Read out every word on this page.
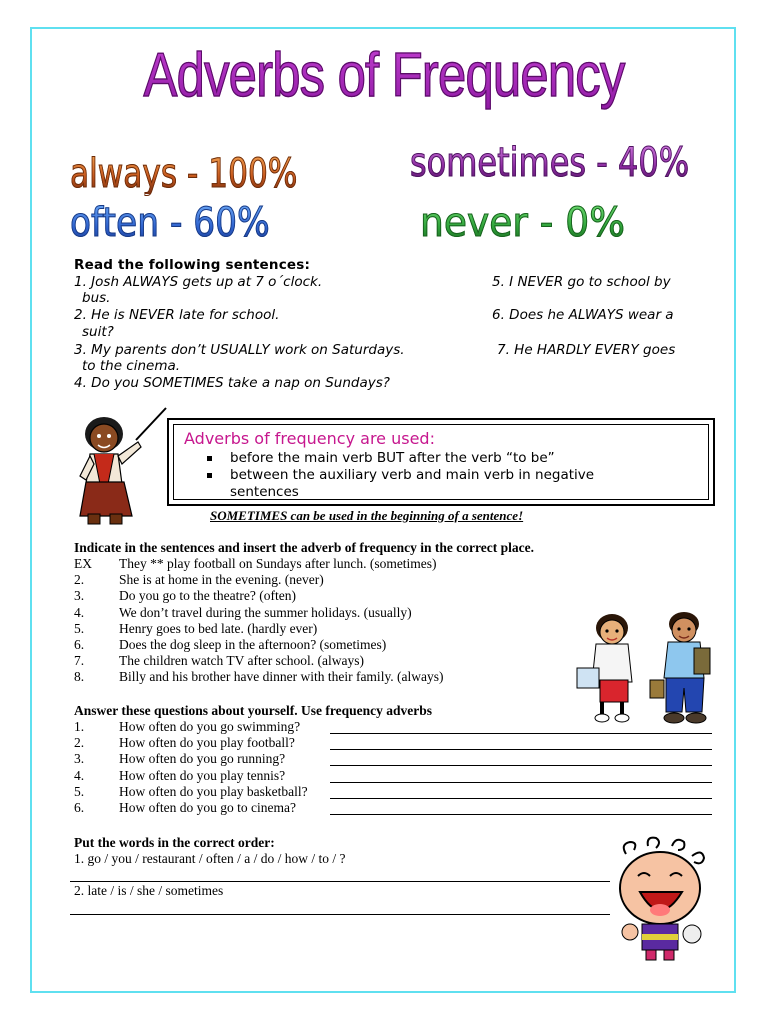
Adverbs of Frequency
always - 100%
often - 60%
sometimes - 40%
never - 0%
Read the following sentences:
1. Josh ALWAYS gets up at 7 o´clock.
bus.
2. He is NEVER late for school.
suit?
3. My parents don’t USUALLY work on Saturdays.
to the cinema.
4. Do you SOMETIMES take a nap on Sundays?
5. I NEVER go to school by
6. Does he ALWAYS wear a
7. He HARDLY EVERY goes
Adverbs of frequency are used:
before the main verb BUT after the verb “to be”
between the auxiliary verb and main verb in negative
sentences
SOMETIMES can be used in the beginning of a sentence!
Indicate in the sentences and insert the adverb of frequency in the correct place.
EX They ** play football on Sundays after lunch. (sometimes)
2.	She is at home in the evening. (never)
3.	Do you go to the theatre? (often)
4.	We don’t travel during the summer holidays. (usually)
5.	Henry goes to bed late. (hardly ever)
6.	Does the dog sleep in the afternoon? (sometimes)
7.	The children watch TV after school. (always)
8.	Billy and his brother have dinner with their family. (always)
Answer these questions about yourself. Use frequency adverbs
1.	How often do you go swimming?
2.	How often do you play football?
3.	How often do you go running?
4.	How often do you play tennis?
5.	How often do you play basketball?
6.	How often do you go to cinema?
Put the words in the correct order:
1. go / you / restaurant / often / a / do / how / to / ?
2. late / is / she / sometimes
